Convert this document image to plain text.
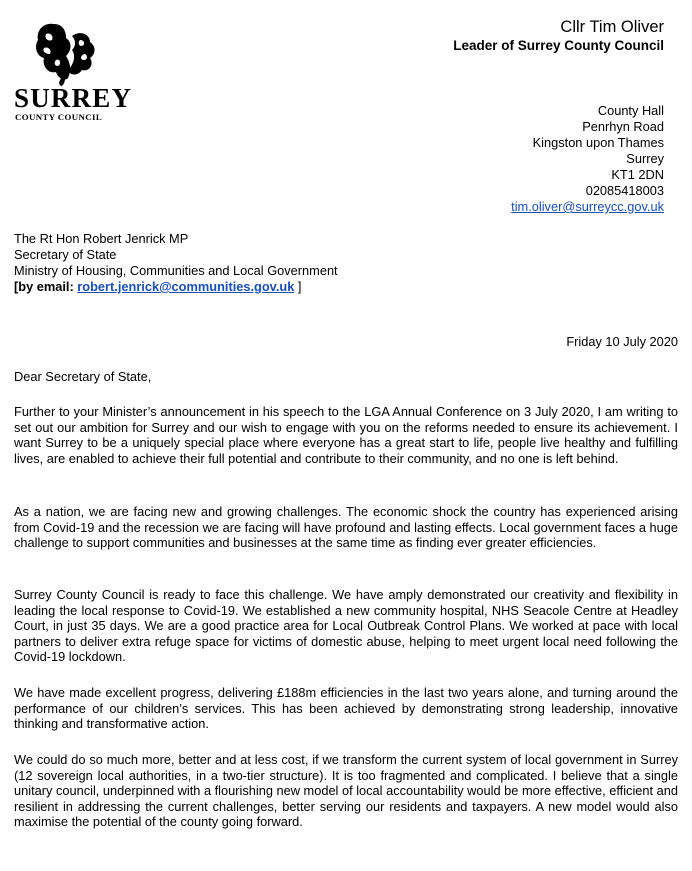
SURREY
COUNTY COUNCIL
Cllr Tim Oliver
Leader of Surrey County Council
County Hall
Penrhyn Road
Kingston upon Thames
Surrey
KT1 2DN
02085418003
tim.oliver@surreycc.gov.uk
The Rt Hon Robert Jenrick MP
Secretary of State
Ministry of Housing, Communities and Local Government
[by email: robert.jenrick@communities.gov.uk ]
Friday 10 July 2020
Dear Secretary of State,

Further to your Minister’s announcement in his speech to the LGA Annual Conference on 3 July 2020, I am writing to set out our ambition for Surrey and our wish to engage with you on the reforms needed to ensure its achievement. I want Surrey to be a uniquely special place where everyone has a great start to life, people live healthy and fulfilling lives, are enabled to achieve their full potential and contribute to their community, and no one is left behind.

As a nation, we are facing new and growing challenges. The economic shock the country has experienced arising from Covid-19 and the recession we are facing will have profound and lasting effects. Local government faces a huge challenge to support communities and businesses at the same time as finding ever greater efficiencies.

Surrey County Council is ready to face this challenge. We have amply demonstrated our creativity and flexibility in leading the local response to Covid-19. We established a new community hospital, NHS Seacole Centre at Headley Court, in just 35 days. We are a good practice area for Local Outbreak Control Plans. We worked at pace with local partners to deliver extra refuge space for victims of domestic abuse, helping to meet urgent local need following the Covid-19 lockdown.

We have made excellent progress, delivering £188m efficiencies in the last two years alone, and turning around the performance of our children’s services. This has been achieved by demonstrating strong leadership, innovative thinking and transformative action.

We could do so much more, better and at less cost, if we transform the current system of local government in Surrey (12 sovereign local authorities, in a two-tier structure). It is too fragmented and complicated. I believe that a single unitary council, underpinned with a flourishing new model of local accountability would be more effective, efficient and resilient in addressing the current challenges, better serving our residents and taxpayers. A new model would also maximise the potential of the county going forward.
